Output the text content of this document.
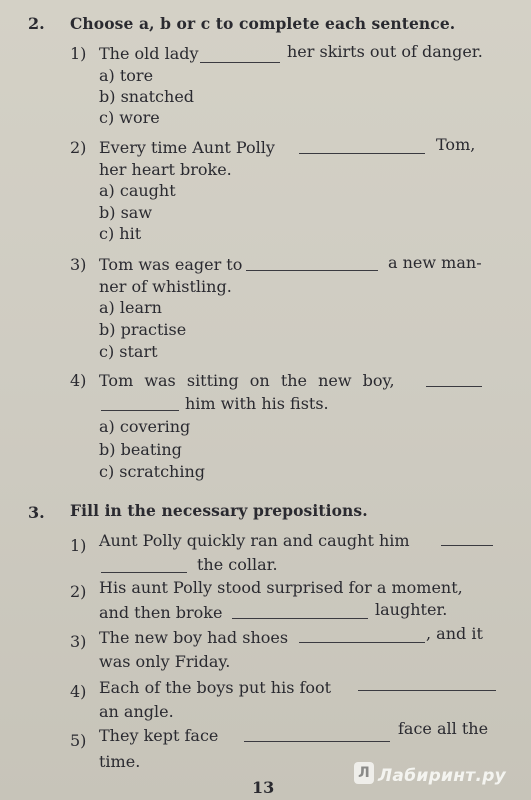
2. Choose a, b or c to complete each sentence.
1) The old lady	her skirts out of danger.
a) tore
b) snatched
c) wore
2) Every time Aunt Polly	Tom,
her heart broke.
a) caught
b) saw
c) hit
3) Tom was eager to	a new man-
ner of whistling.
a) learn
b) practise
c) start
4) Tom was sitting on the new boy,
him with his fists.
a) covering
b) beating
c) scratching
3. Fill in the necessary prepositions.
1) Aunt Polly quickly ran and caught him
the collar.
2) His aunt Polly stood surprised for a moment,
and then broke	laughter.
3) The new boy had shoes	, and it
was only Friday.
4) Each of the boys put his foot
an angle.
5) They kept face	face all the
time.
13
Л Лабиринт.ру
